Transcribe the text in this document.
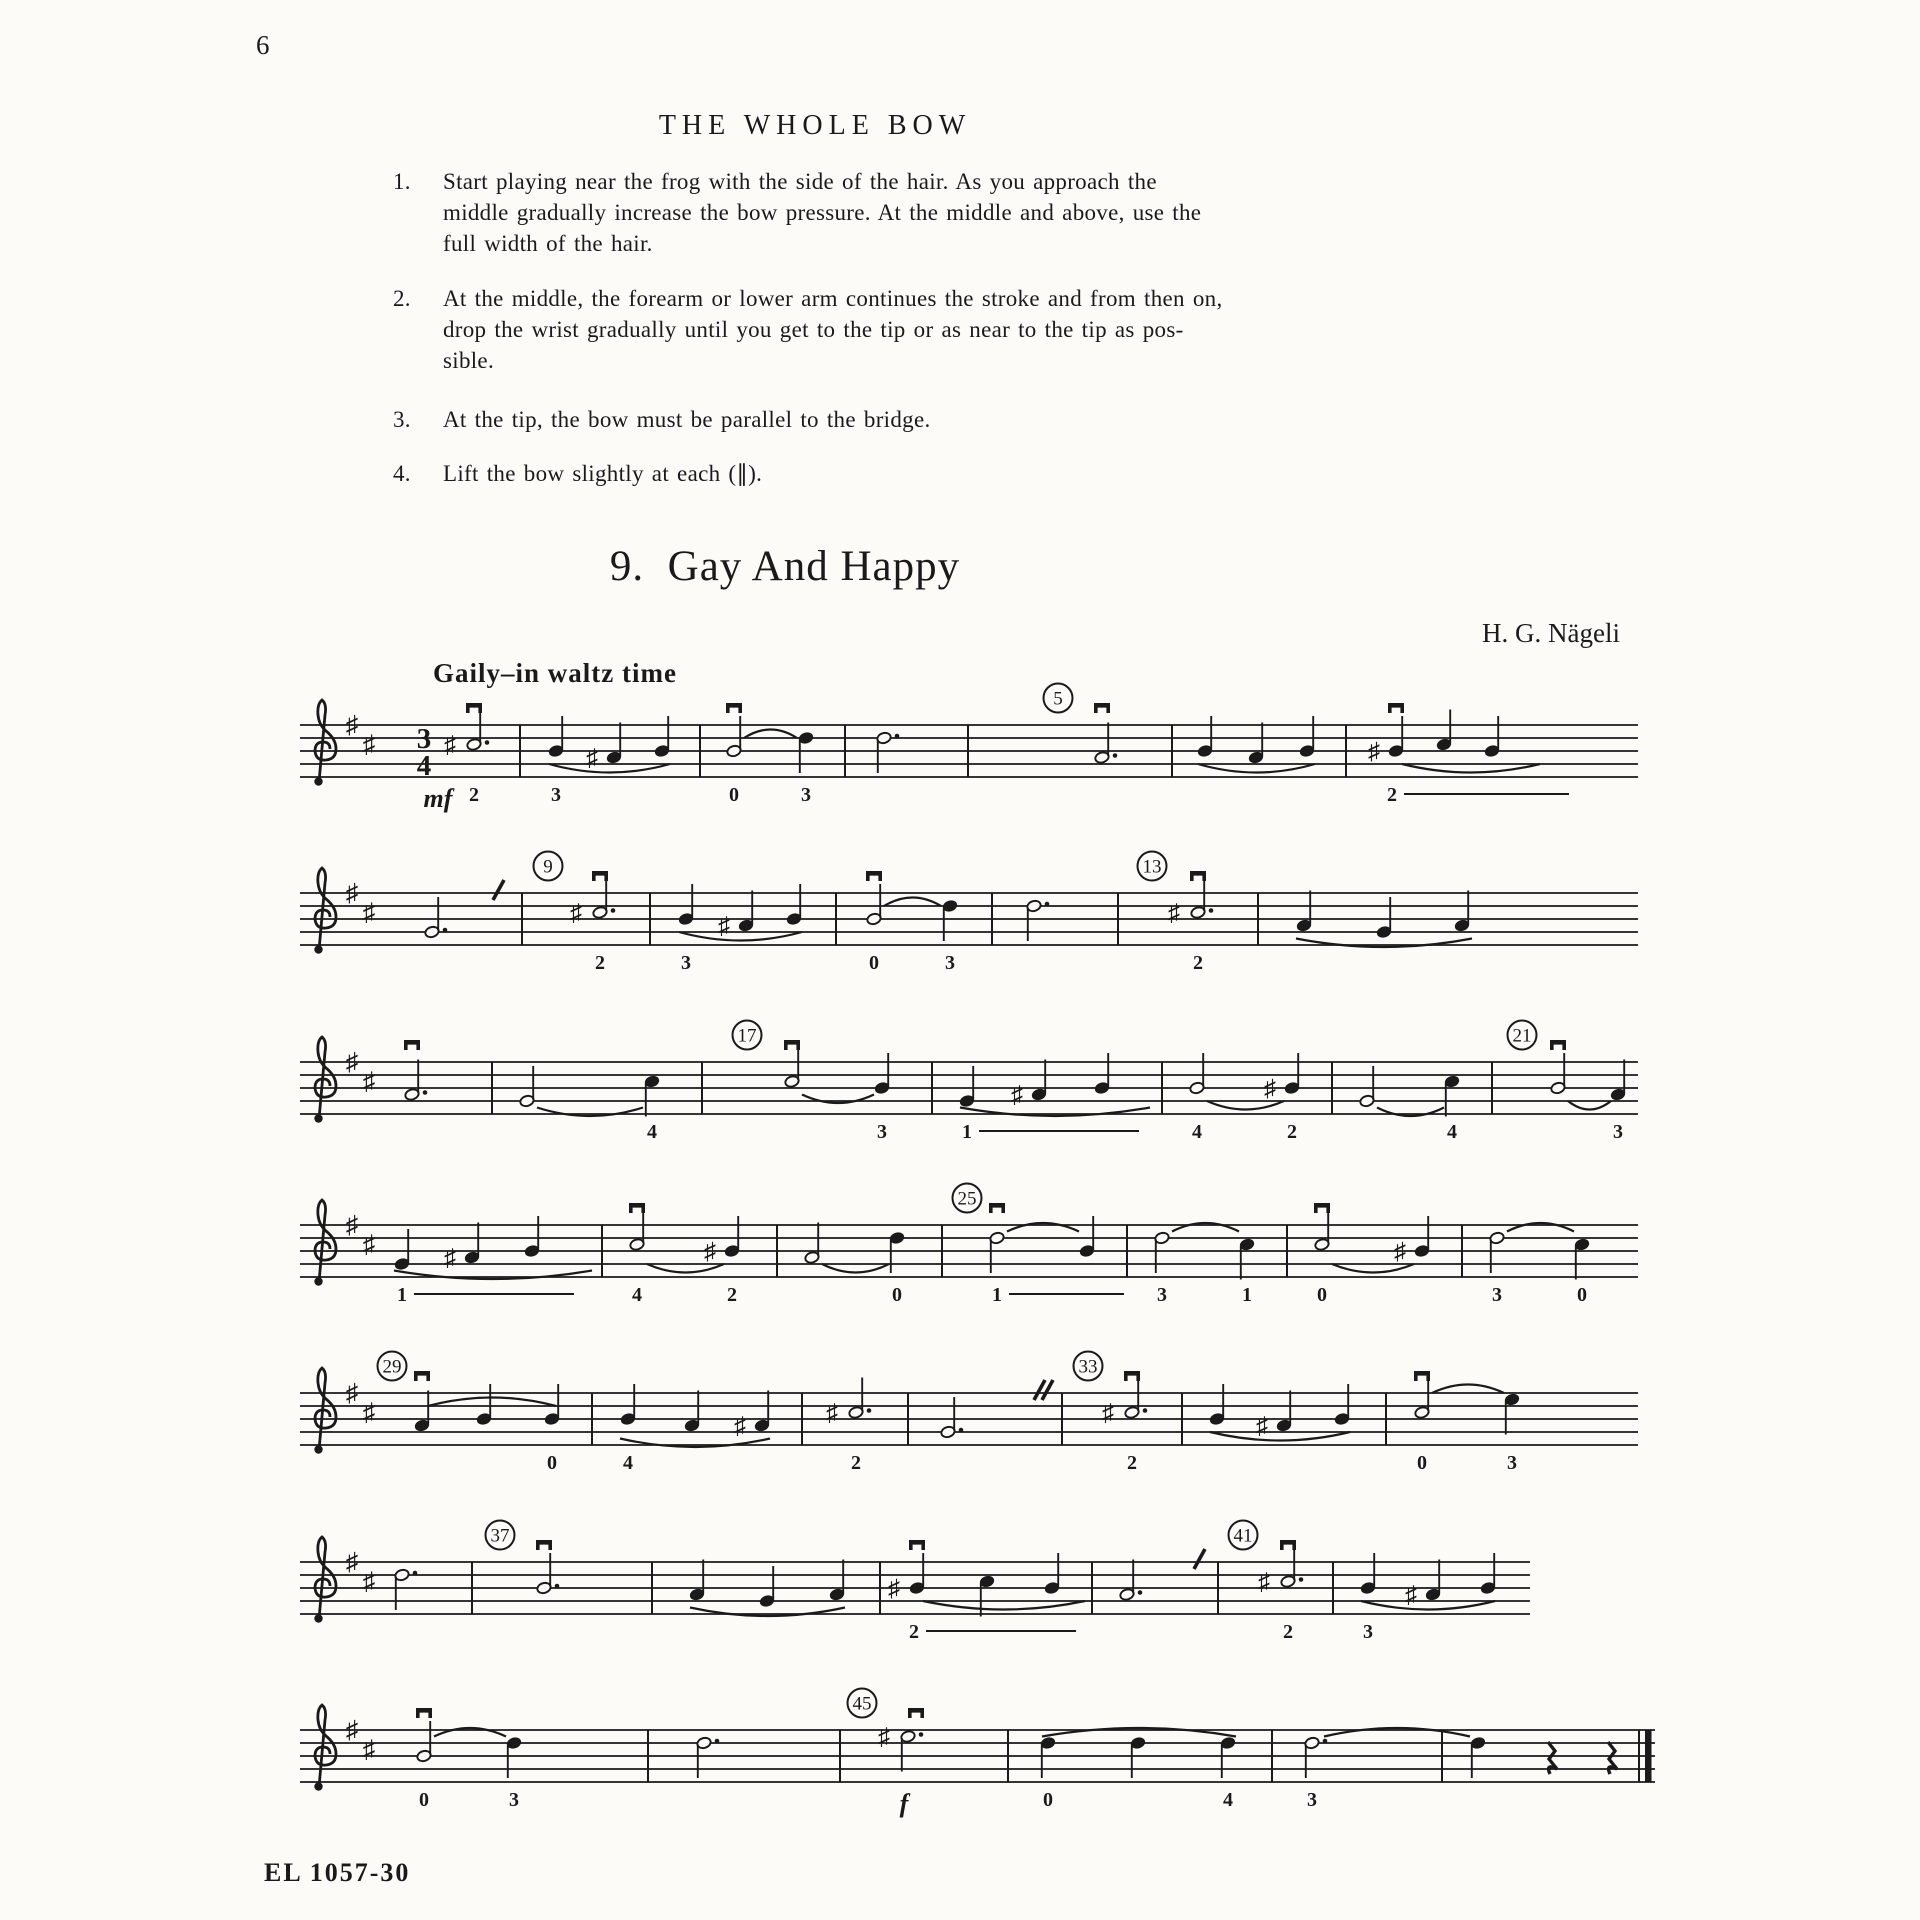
6
THE WHOLE BOW
1.	Start playing near the frog with the side of the hair. As you approach the
middle gradually increase the bow pressure. At the middle and above, use the
full width of the hair.
2.	At the middle, the forearm or lower arm continues the stroke and from then on,
drop the wrist gradually until you get to the tip or as near to the tip as pos-
sible.
3.	At the tip, the bow must be parallel to the bridge.
4.	Lift the bow slightly at each (∥).
9.  Gay And Happy
H. G. Nägeli
Gaily–in waltz time
♯
♯ 3
4
♯
mf 2	3
♯
0	3
5
♯
2
♯
♯
9
♯
2	3
♯
0	3
13
♯
2
♯
♯
4
17
3	1
♯
4
♯
2	4
21
3
♯
♯
1
♯
4
♯
2	0
25
1	3	1	0
♯
3	0
♯
♯
29
0	4
♯	♯
2
33
♯
2
♯
0	3
♯
♯
37
♯
2
41
♯
2	3
♯
♯
♯
0	3
45
♯
f	0	4	3
EL 1057-30
